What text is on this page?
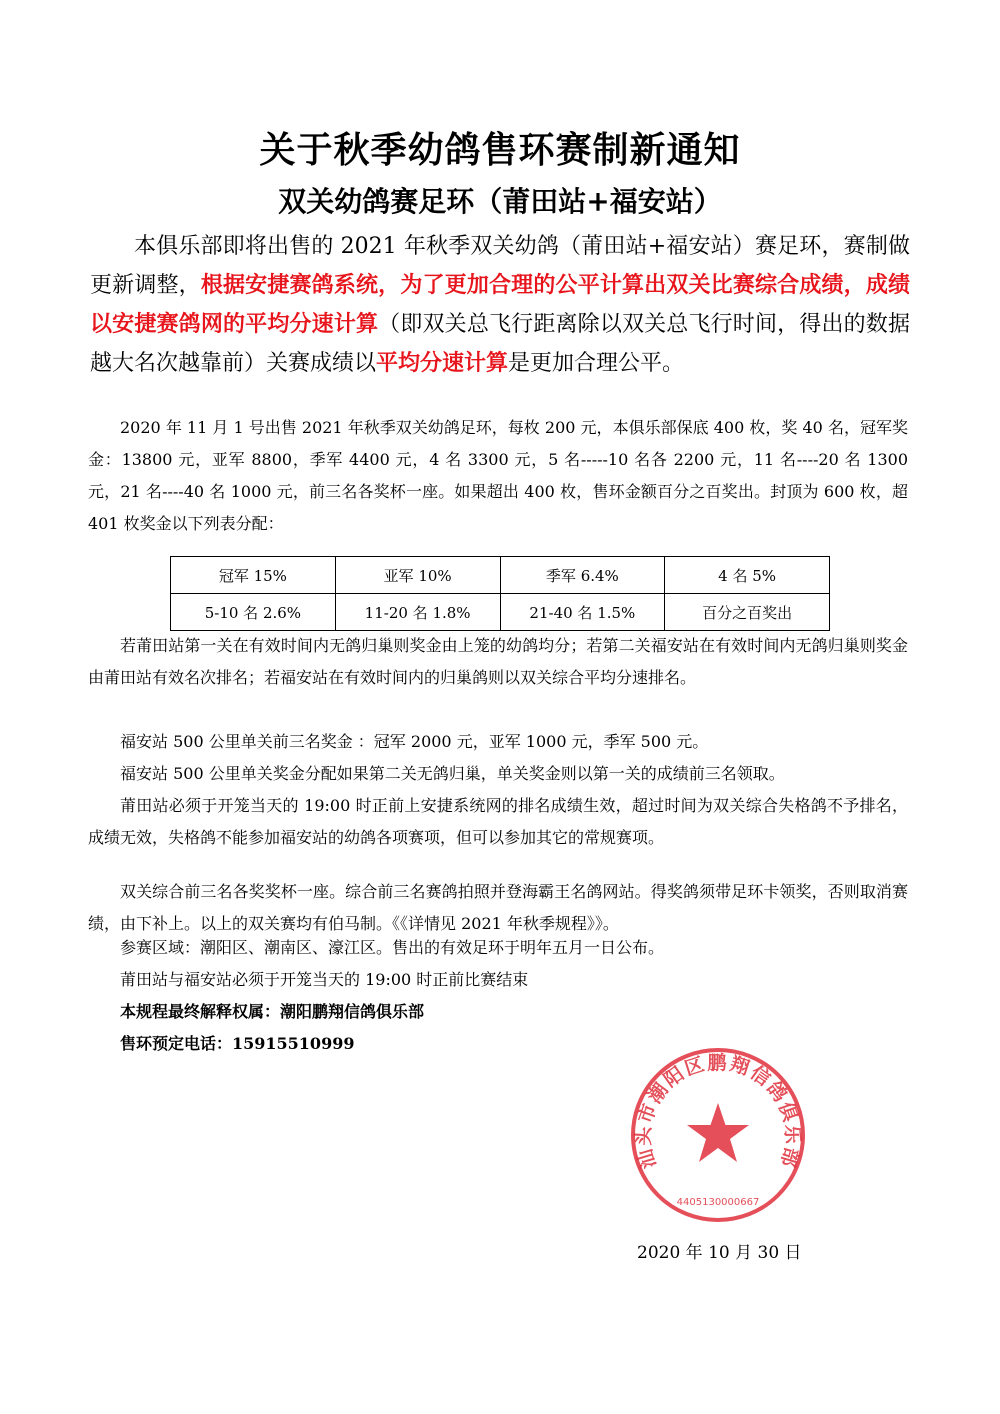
关于秋季幼鸽售环赛制新通知
双关幼鸽赛足环（莆田站+福安站）
本俱乐部即将出售的 2021 年秋季双关幼鸽（莆田站+福安站）赛足环，赛制做更新调整，根据安捷赛鸽系统，为了更加合理的公平计算出双关比赛综合成绩，成绩以安捷赛鸽网的平均分速计算（即双关总飞行距离除以双关总飞行时间，得出的数据越大名次越靠前）关赛成绩以平均分速计算是更加合理公平。
2020 年 11 月 1 号出售 2021 年秋季双关幼鸽足环，每枚 200 元，本俱乐部保底 400 枚，奖 40 名，冠军奖金：13800 元，亚军 8800，季军 4400 元，4 名 3300 元，5 名-----10 名各 2200 元，11 名----20 名 1300 元，21 名----40 名 1000 元，前三名各奖杯一座。如果超出 400 枚，售环金额百分之百奖出。封顶为 600 枚，超 401 枚奖金以下列表分配：
冠军 15%	亚军 10%	季军 6.4%	4 名 5%
5-10 名 2.6%	11-20 名 1.8%	21-40 名 1.5%	百分之百奖出
若莆田站第一关在有效时间内无鸽归巢则奖金由上笼的幼鸽均分；若第二关福安站在有效时间内无鸽归巢则奖金由莆田站有效名次排名；若福安站在有效时间内的归巢鸽则以双关综合平均分速排名。
福安站 500 公里单关前三名奖金 ：冠军 2000 元，亚军 1000 元，季军 500 元。
福安站 500 公里单关奖金分配如果第二关无鸽归巢，单关奖金则以第一关的成绩前三名领取。
莆田站必须于开笼当天的 19:00 时正前上安捷系统网的排名成绩生效，超过时间为双关综合失格鸽不予排名，成绩无效，失格鸽不能参加福安站的幼鸽各项赛项，但可以参加其它的常规赛项。
双关综合前三名各奖奖杯一座。综合前三名赛鸽拍照并登海霸王名鸽网站。得奖鸽须带足环卡领奖，否则取消赛绩，由下补上。以上的双关赛均有伯马制。《《详情见 2021 年秋季规程》》。
参赛区域：潮阳区、潮南区、濠江区。售出的有效足环于明年五月一日公布。
莆田站与福安站必须于开笼当天的 19:00 时正前比赛结束
本规程最终解释权属：潮阳鹏翔信鸽俱乐部
售环预定电话：15915510999
汕头市潮阳区鹏翔信鸽俱乐部
4405130000667
2020 年 10 月 30 日
